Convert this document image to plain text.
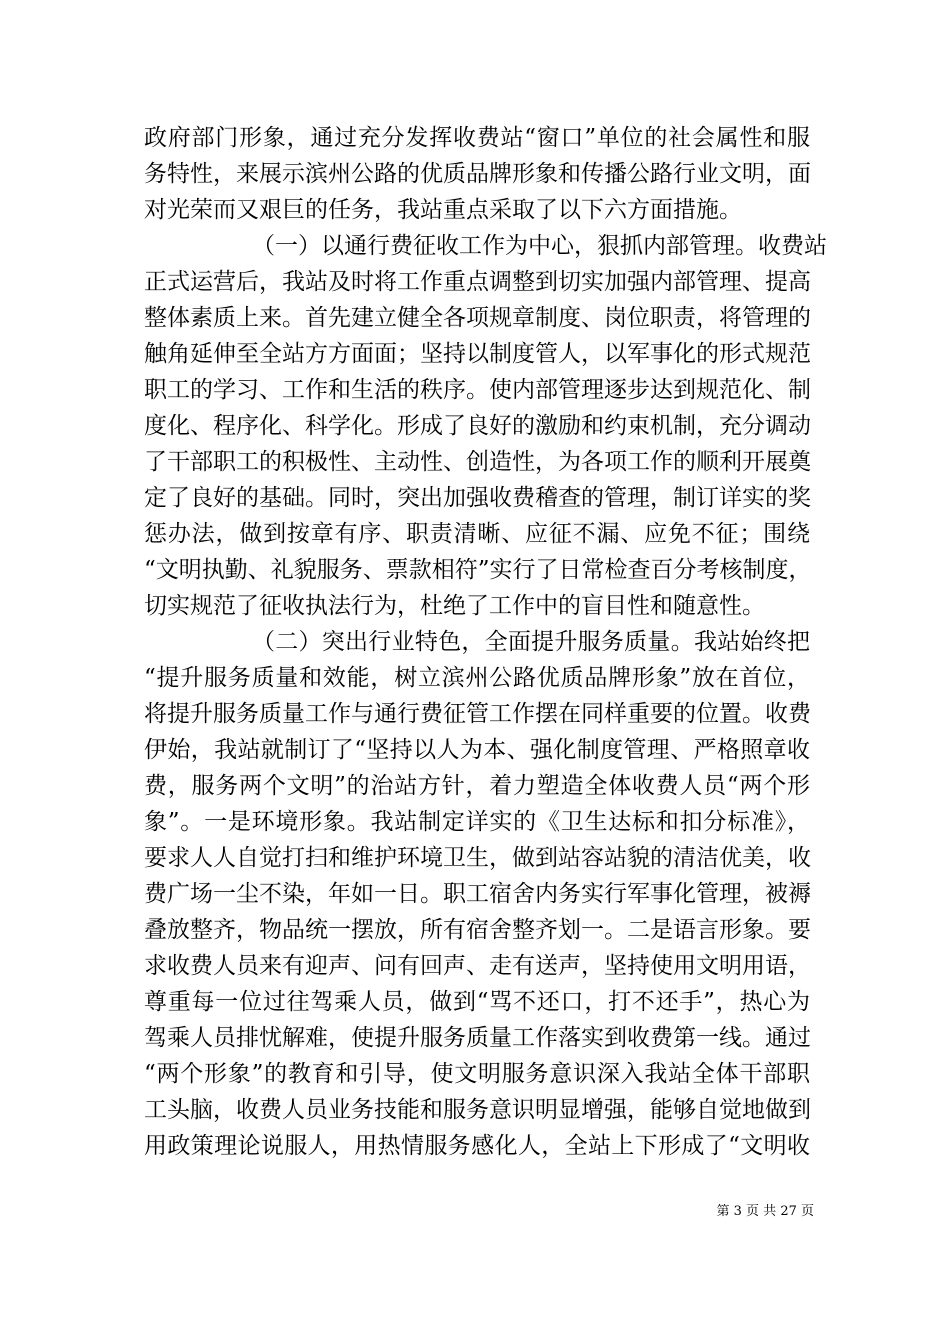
政府部门形象，通过充分发挥收费站“窗口”单位的社会属性和服
务特性，来展示滨州公路的优质品牌形象和传播公路行业文明，面
对光荣而又艰巨的任务，我站重点采取了以下六方面措施。
（一）以通行费征收工作为中心，狠抓内部管理。收费站
正式运营后，我站及时将工作重点调整到切实加强内部管理、提高
整体素质上来。首先建立健全各项规章制度、岗位职责，将管理的
触角延伸至全站方方面面；坚持以制度管人，以军事化的形式规范
职工的学习、工作和生活的秩序。使内部管理逐步达到规范化、制
度化、程序化、科学化。形成了良好的激励和约束机制，充分调动
了干部职工的积极性、主动性、创造性，为各项工作的顺利开展奠
定了良好的基础。同时，突出加强收费稽查的管理，制订详实的奖
惩办法，做到按章有序、职责清晰、应征不漏、应免不征；围绕
“文明执勤、礼貌服务、票款相符”实行了日常检查百分考核制度，
切实规范了征收执法行为，杜绝了工作中的盲目性和随意性。
（二）突出行业特色，全面提升服务质量。我站始终把
“提升服务质量和效能，树立滨州公路优质品牌形象”放在首位，
将提升服务质量工作与通行费征管工作摆在同样重要的位置。收费
伊始，我站就制订了“坚持以人为本、强化制度管理、严格照章收
费，服务两个文明”的治站方针，着力塑造全体收费人员“两个形
象”。一是环境形象。我站制定详实的《卫生达标和扣分标准》，
要求人人自觉打扫和维护环境卫生，做到站容站貌的清洁优美，收
费广场一尘不染，年如一日。职工宿舍内务实行军事化管理，被褥
叠放整齐，物品统一摆放，所有宿舍整齐划一。二是语言形象。要
求收费人员来有迎声、问有回声、走有送声，坚持使用文明用语，
尊重每一位过往驾乘人员，做到“骂不还口，打不还手”，热心为
驾乘人员排忧解难，使提升服务质量工作落实到收费第一线。通过
“两个形象”的教育和引导，使文明服务意识深入我站全体干部职
工头脑，收费人员业务技能和服务意识明显增强，能够自觉地做到
用政策理论说服人，用热情服务感化人，全站上下形成了“文明收
第 3 页 共 27 页
